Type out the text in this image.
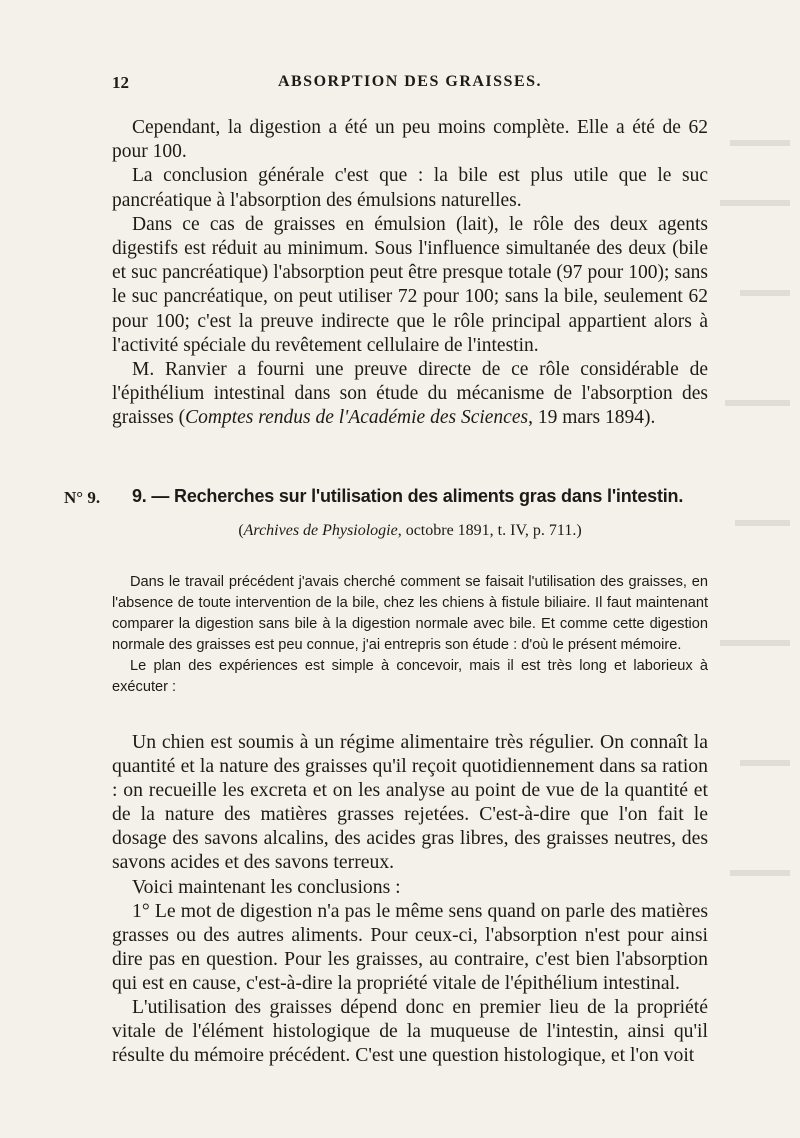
12	ABSORPTION DES GRAISSES.

Cependant, la digestion a été un peu moins complète. Elle a été de 62 pour 100.

La conclusion générale c'est que : la bile est plus utile que le suc pancréatique à l'absorption des émulsions naturelles.

Dans ce cas de graisses en émulsion (lait), le rôle des deux agents digestifs est réduit au minimum. Sous l'influence simultanée des deux (bile et suc pancréatique) l'absorption peut être presque totale (97 pour 100); sans le suc pancréatique, on peut utiliser 72 pour 100; sans la bile, seulement 62 pour 100; c'est la preuve indirecte que le rôle principal appartient alors à l'activité spéciale du revêtement cellulaire de l'intestin.

M. Ranvier a fourni une preuve directe de ce rôle considérable de l'épithélium intestinal dans son étude du mécanisme de l'absorption des graisses (Comptes rendus de l'Académie des Sciences, 19 mars 1894).

N° 9. 9. — Recherches sur l'utilisation des aliments gras dans l'intestin.
(Archives de Physiologie, octobre 1891, t. IV, p. 711.)

Dans le travail précédent j'avais cherché comment se faisait l'utilisation des graisses, en l'absence de toute intervention de la bile, chez les chiens à fistule biliaire. Il faut maintenant comparer la digestion sans bile à la digestion normale avec bile. Et comme cette digestion normale des graisses est peu connue, j'ai entrepris son étude : d'où le présent mémoire.

Le plan des expériences est simple à concevoir, mais il est très long et laborieux à exécuter :

Un chien est soumis à un régime alimentaire très régulier. On connaît la quantité et la nature des graisses qu'il reçoit quotidiennement dans sa ration : on recueille les excreta et on les analyse au point de vue de la quantité et de la nature des matières grasses rejetées. C'est-à-dire que l'on fait le dosage des savons alcalins, des acides gras libres, des graisses neutres, des savons acides et des savons terreux.

Voici maintenant les conclusions :

1° Le mot de digestion n'a pas le même sens quand on parle des matières grasses ou des autres aliments. Pour ceux-ci, l'absorption n'est pour ainsi dire pas en question. Pour les graisses, au contraire, c'est bien l'absorption qui est en cause, c'est-à-dire la propriété vitale de l'épithélium intestinal.

L'utilisation des graisses dépend donc en premier lieu de la propriété vitale de l'élément histologique de la muqueuse de l'intestin, ainsi qu'il résulte du mémoire précédent. C'est une question histologique, et l'on voit
